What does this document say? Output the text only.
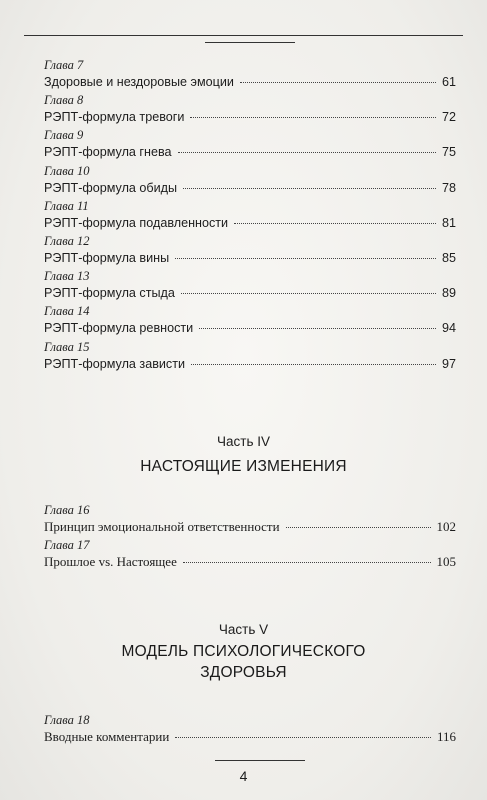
Глава 7
Здоровые и нездоровые эмоции	61
Глава 8
РЭПТ-формула тревоги	72
Глава 9
РЭПТ-формула гнева	75
Глава 10
РЭПТ-формула обиды	78
Глава 11
РЭПТ-формула подавленности	81
Глава 12
РЭПТ-формула вины	85
Глава 13
РЭПТ-формула стыда	89
Глава 14
РЭПТ-формула ревности	94
Глава 15
РЭПТ-формула зависти	97
Часть IV
НАСТОЯЩИЕ ИЗМЕНЕНИЯ
Глава 16
Принцип эмоциональной ответственности	102
Глава 17
Прошлое vs. Настоящее	105
Часть V
МОДЕЛЬ ПСИХОЛОГИЧЕСКОГО
ЗДОРОВЬЯ
Глава 18
Вводные комментарии	116
4
